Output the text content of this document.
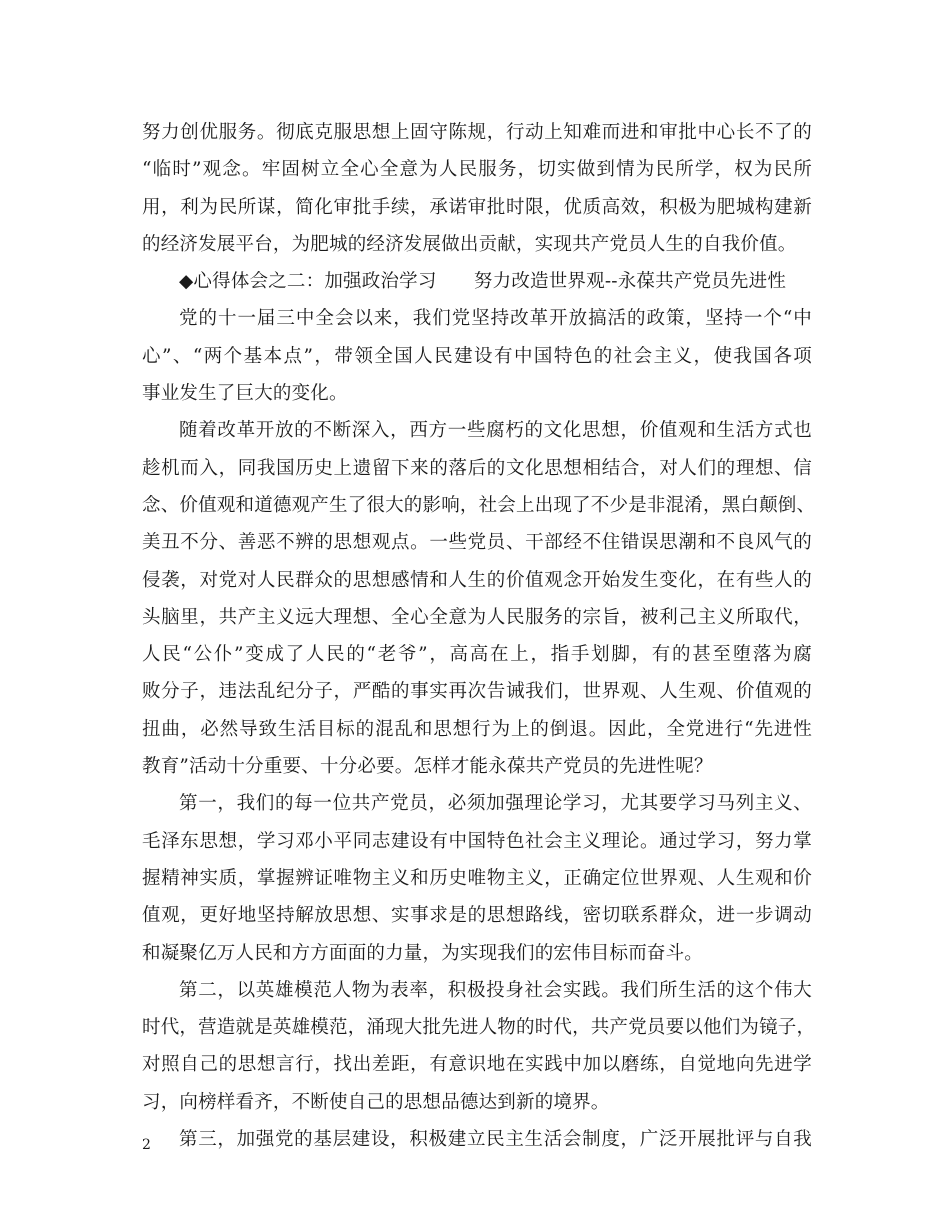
努力创优服务。彻底克服思想上固守陈规，行动上知难而进和审批中心长不了的
“临时”观念。牢固树立全心全意为人民服务，切实做到情为民所学，权为民所
用，利为民所谋，简化审批手续，承诺审批时限，优质高效，积极为肥城构建新
的经济发展平台，为肥城的经济发展做出贡献，实现共产党员人生的自我价值。
◆心得体会之二：加强政治学习　　努力改造世界观--永葆共产党员先进性
党的十一届三中全会以来，我们党坚持改革开放搞活的政策，坚持一个“中
心”、“两个基本点”，带领全国人民建设有中国特色的社会主义，使我国各项
事业发生了巨大的变化。
随着改革开放的不断深入，西方一些腐朽的文化思想，价值观和生活方式也
趁机而入，同我国历史上遗留下来的落后的文化思想相结合，对人们的理想、信
念、价值观和道德观产生了很大的影响，社会上出现了不少是非混淆，黑白颠倒、
美丑不分、善恶不辨的思想观点。一些党员、干部经不住错误思潮和不良风气的
侵袭，对党对人民群众的思想感情和人生的价值观念开始发生变化，在有些人的
头脑里，共产主义远大理想、全心全意为人民服务的宗旨，被利己主义所取代，
人民“公仆”变成了人民的“老爷”，高高在上，指手划脚，有的甚至堕落为腐
败分子，违法乱纪分子，严酷的事实再次告诫我们，世界观、人生观、价值观的
扭曲，必然导致生活目标的混乱和思想行为上的倒退。因此，全党进行“先进性
教育”活动十分重要、十分必要。怎样才能永葆共产党员的先进性呢？
第一，我们的每一位共产党员，必须加强理论学习，尤其要学习马列主义、
毛泽东思想，学习邓小平同志建设有中国特色社会主义理论。通过学习，努力掌
握精神实质，掌握辨证唯物主义和历史唯物主义，正确定位世界观、人生观和价
值观，更好地坚持解放思想、实事求是的思想路线，密切联系群众，进一步调动
和凝聚亿万人民和方方面面的力量，为实现我们的宏伟目标而奋斗。
第二，以英雄模范人物为表率，积极投身社会实践。我们所生活的这个伟大
时代，营造就是英雄模范，涌现大批先进人物的时代，共产党员要以他们为镜子，
对照自己的思想言行，找出差距，有意识地在实践中加以磨练，自觉地向先进学
习，向榜样看齐，不断使自己的思想品德达到新的境界。
第三，加强党的基层建设，积极建立民主生活会制度，广泛开展批评与自我
2
